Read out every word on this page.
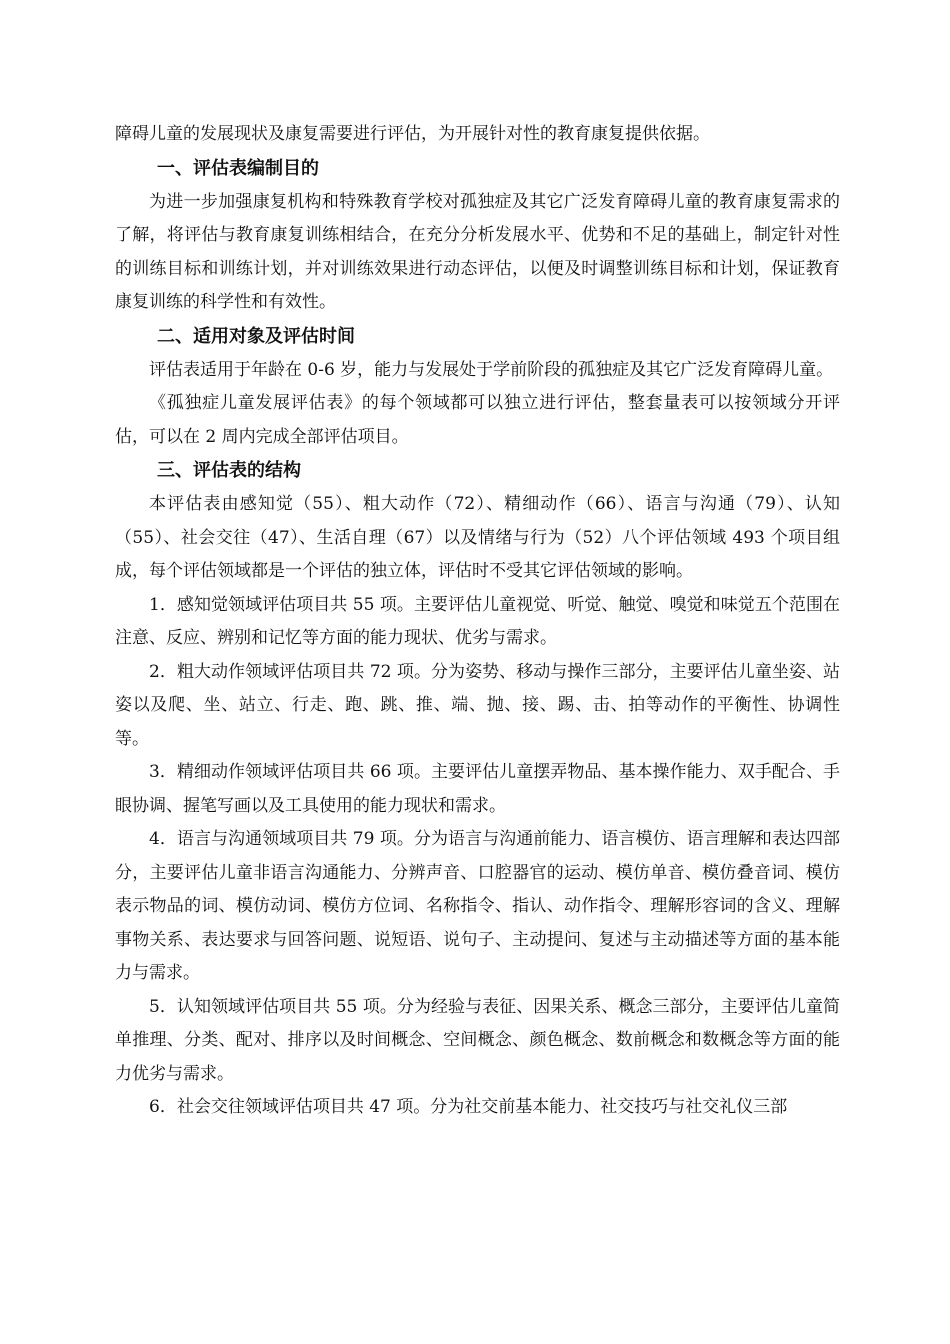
障碍儿童的发展现状及康复需要进行评估，为开展针对性的教育康复提供依据。

一、评估表编制目的

为进一步加强康复机构和特殊教育学校对孤独症及其它广泛发育障碍儿童的教育康复需求的了解，将评估与教育康复训练相结合，在充分分析发展水平、优势和不足的基础上，制定针对性的训练目标和训练计划，并对训练效果进行动态评估，以便及时调整训练目标和计划，保证教育康复训练的科学性和有效性。

二、适用对象及评估时间

评估表适用于年龄在 0-6 岁，能力与发展处于学前阶段的孤独症及其它广泛发育障碍儿童。

《孤独症儿童发展评估表》的每个领域都可以独立进行评估，整套量表可以按领域分开评估，可以在 2 周内完成全部评估项目。

三、评估表的结构

本评估表由感知觉（55）、粗大动作（72）、精细动作（66）、语言与沟通（79）、认知（55）、社会交往（47）、生活自理（67）以及情绪与行为（52）八个评估领域 493 个项目组成，每个评估领域都是一个评估的独立体，评估时不受其它评估领域的影响。

1．感知觉领域评估项目共 55 项。主要评估儿童视觉、听觉、触觉、嗅觉和味觉五个范围在注意、反应、辨别和记忆等方面的能力现状、优劣与需求。

2．粗大动作领域评估项目共 72 项。分为姿势、移动与操作三部分，主要评估儿童坐姿、站姿以及爬、坐、站立、行走、跑、跳、推、端、抛、接、踢、击、拍等动作的平衡性、协调性等。

3．精细动作领域评估项目共 66 项。主要评估儿童摆弄物品、基本操作能力、双手配合、手眼协调、握笔写画以及工具使用的能力现状和需求。

4．语言与沟通领域项目共 79 项。分为语言与沟通前能力、语言模仿、语言理解和表达四部分，主要评估儿童非语言沟通能力、分辨声音、口腔器官的运动、模仿单音、模仿叠音词、模仿表示物品的词、模仿动词、模仿方位词、名称指令、指认、动作指令、理解形容词的含义、理解事物关系、表达要求与回答问题、说短语、说句子、主动提问、复述与主动描述等方面的基本能力与需求。

5．认知领域评估项目共 55 项。分为经验与表征、因果关系、概念三部分，主要评估儿童简单推理、分类、配对、排序以及时间概念、空间概念、颜色概念、数前概念和数概念等方面的能力优劣与需求。

6．社会交往领域评估项目共 47 项。分为社交前基本能力、社交技巧与社交礼仪三部
